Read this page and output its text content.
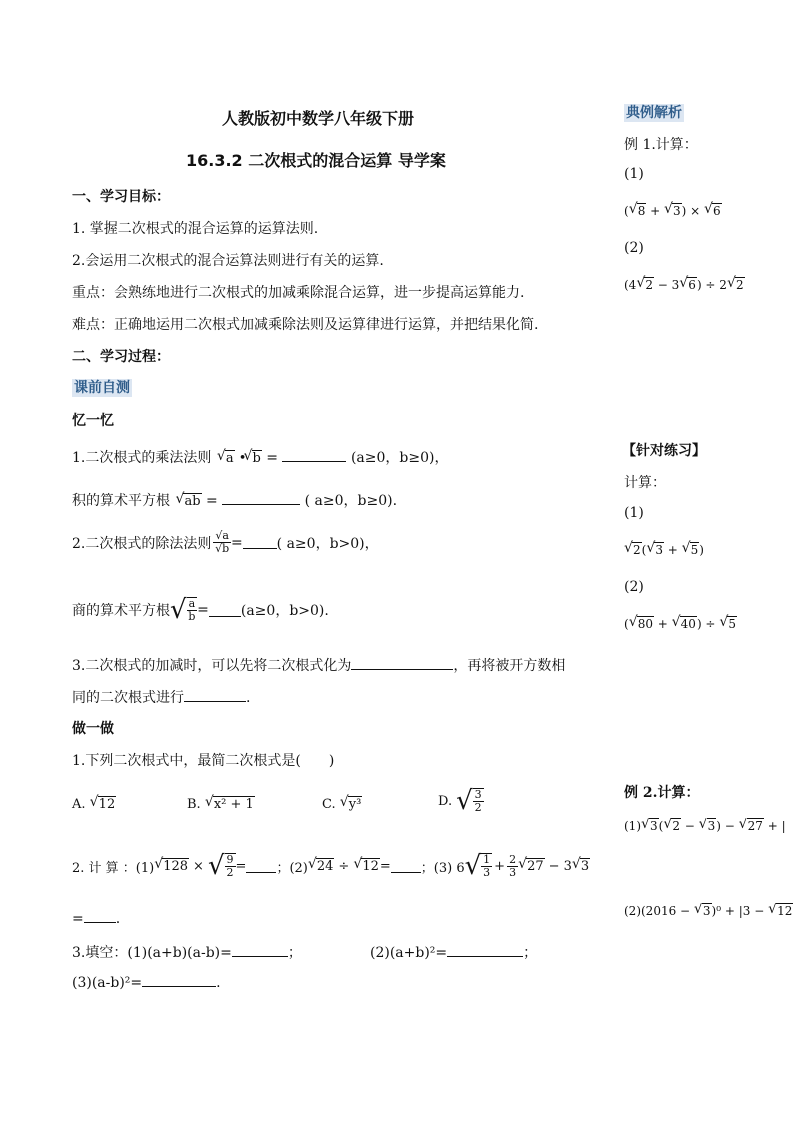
人教版初中数学八年级下册
16.3.2 二次根式的混合运算 导学案
一、学习目标：
1. 掌握二次根式的混合运算的运算法则.
2.会运用二次根式的混合运算法则进行有关的运算.
重点：会熟练地进行二次根式的加减乘除混合运算，进一步提高运算能力.
难点：正确地运用二次根式加减乘除法则及运算律进行运算，并把结果化简.
二、学习过程：
课前自测
忆一忆
1.二次根式的乘法法则 √ a • √ b =	(a≥0，b≥0)，
积的算术平方根 √ ab =	( a≥0，b≥0).
2.二次根式的除法法则 $\frac{√a}{√b}$ = ( a≥0，b>0)，
商的算术平方根 √ $\frac{a}{b} = (a\ge 0$，b>0).
3.二次根式的加减时，可以先将二次根式化为	，再将被开方数相
同的二次根式进行	.
做一做
1.下列二次根式中，最简二次根式是(　　)
A. √ 12	B. √ x² + 1	C. √ y³	D. √ $\frac{3}{2}$
2. 计 算 ：(1) √ 128 × √ $\frac{9}{2}$ = ；(2) √ 24 ÷ √ 12 = ；(3) 6 √ $\frac{1}{3} + \frac{2}{3}$ √ 27 − 3 √ 3
= .
3.填空：(1)(a+b)(a-b)=	；	(2)(a+b)²=	；
(3)(a-b)²=	.
典例解析
例 1.计算：
(1)
( √ 8 + √ 3) × √ 6
(2)
(4 √ 2 − 3 √ 6) ÷ 2 √ 2
【针对练习】
计算：
(1)
√ 2( √ 3 + √ 5)
(2)
( √ 80 + √ 40) ÷ √ 5
例 2.计算：
(1) √ 3( √ 2 − √ 3) − √ 27 + |
(2)(2016 − √ 3)⁰ + |3 − √ 12
